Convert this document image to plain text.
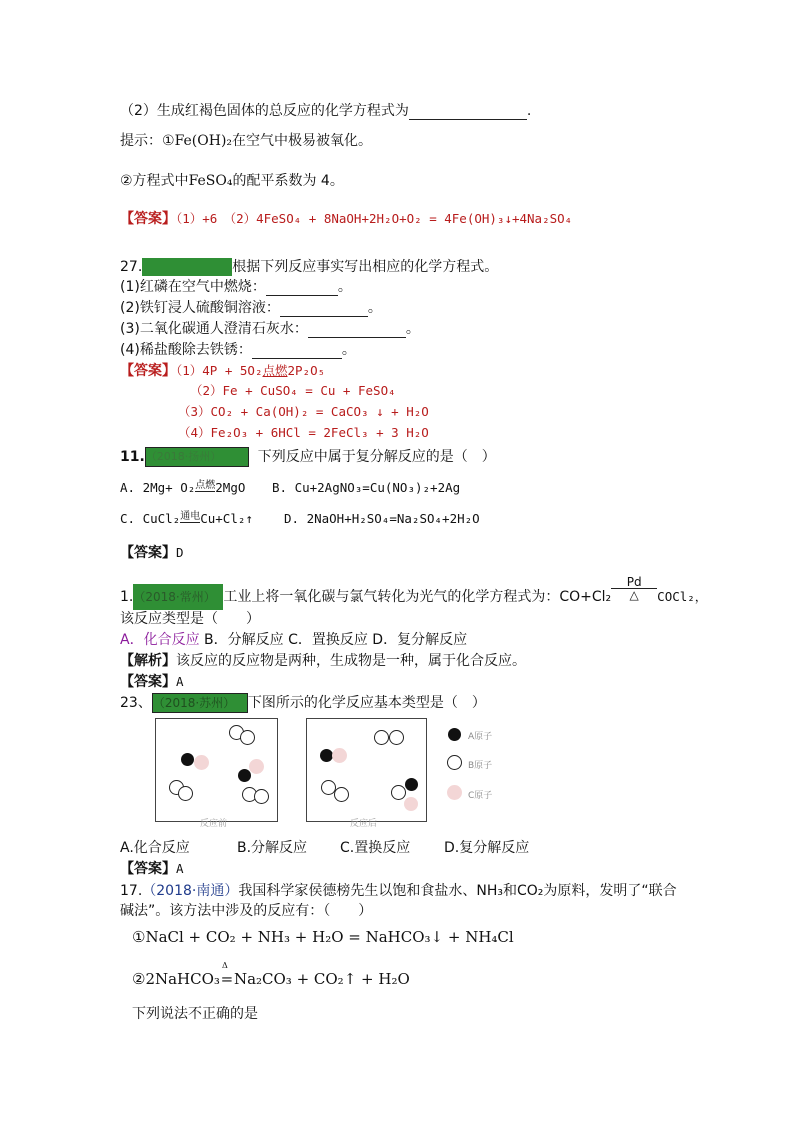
（2）生成红褐色固体的总反应的化学方程式为	.
提示：①Fe(OH)₂在空气中极易被氧化。
②方程式中FeSO₄的配平系数为 4。
【答案】（1）+6　（2）4FeSO₄ + 8NaOH+2H₂O+O₂ = 4Fe(OH)₃↓+4Na₂SO₄
27.	根据下列反应事实写出相应的化学方程式。
(1)红磷在空气中燃烧：	。
(2)铁钉浸人硫酸铜溶液：	。
(3)二氧化碳通人澄清石灰水：	。
(4)稀盐酸除去铁锈：	。
【答案】（1）4P + 5O₂点燃2P₂O₅
（2）Fe + CuSO₄ = Cu + FeSO₄
（3）CO₂ + Ca(OH)₂ = CaCO₃ ↓ + H₂O
（4）Fe₂O₃ + 6HCl = 2FeCl₃ + 3 H₂O
11.（2018·扬州）	下列反应中属于复分解反应的是（　）
A. 2Mg+ O₂点燃2MgO B. Cu+2AgNO₃=Cu(NO₃)₂+2Ag
C. CuCl₂通电Cu+Cl₂↑ D. 2NaOH+H₂SO₄=Na₂SO₄+2H₂O
【答案】D
1.（2018·常州） 工业上将一氧化碳与氯气转化为光气的化学方程式为：CO+Cl₂
Pd
△	COCl₂，
该反应类型是（　　）
A．化合反应 B．分解反应 C．置换反应 D．复分解反应
【解析】该反应的反应物是两种，生成物是一种，属于化合反应。
【答案】A
23、（2018·苏州） 下图所示的化学反应基本类型是（　）
反应前	反应后
A原子
B原子
C原子
A.化合反应	B.分解反应 C.置换反应 D.复分解反应
【答案】A
17.（2018·南通）我国科学家侯德榜先生以饱和食盐水、NH₃和CO₂为原料，发明了“联合
碱法”。该方法中涉及的反应有：（　　）
①NaCl + CO₂ + NH₃ + H₂O = NaHCO₃↓ + NH₄Cl
②2NaHCO₃
Δ
=Na₂CO₃ + CO₂↑ + H₂O
下列说法不正确的是
